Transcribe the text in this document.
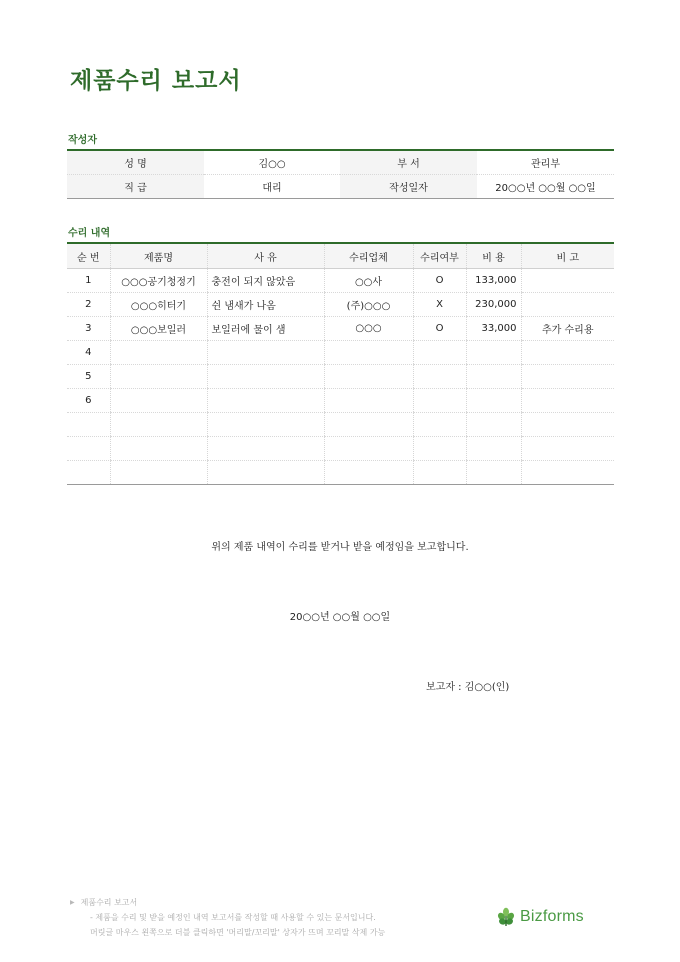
제품수리 보고서
작성자
성 명	김○○	부 서	관리부
직 급	대리	작성일자	20○○년 ○○월 ○○일
수리 내역
순 번	제품명	사 유	수리업체	수리여부	비 용	비 고
1	○○○공기청정기	충전이 되지 않았음	○○사	O	133,000	
2	○○○히터기	쉰 냄새가 나옴	(주)○○○	X	230,000	
3	○○○보일러	보일러에 물이 샘	○○○	O	33,000	추가 수리용
4						
5						
6						

위의 제품 내역이 수리를 받거나 받을 예정임을 보고합니다.
20○○년 ○○월 ○○일
보고자 : 김○○(인)
▶ 제품수리 보고서
- 제품을 수리 및 받을 예정인 내역 보고서를 작성할 때 사용할 수 있는 문서입니다.
머릿글 마우스 왼쪽으로 더블 클릭하면 '머리말/꼬리말' 상자가 뜨며 꼬리말 삭제 가능
Bizforms
